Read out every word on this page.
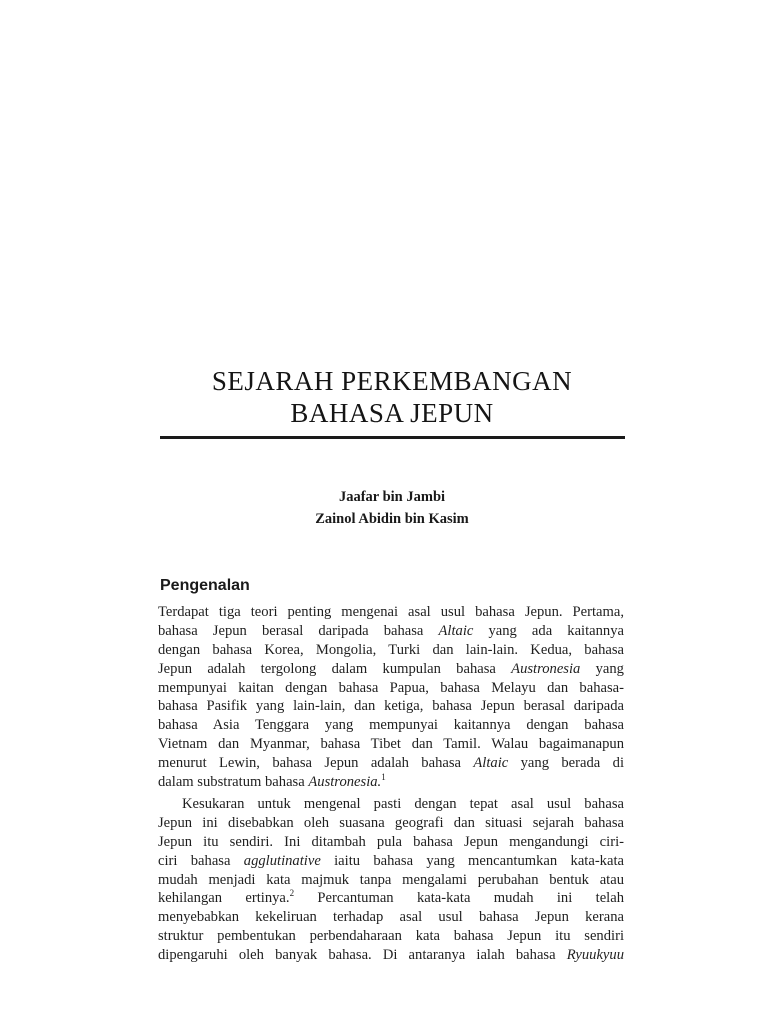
SEJARAH PERKEMBANGAN
BAHASA JEPUN
Jaafar bin Jambi
Zainol Abidin bin Kasim
Pengenalan
Terdapat tiga teori penting mengenai asal usul bahasa Jepun. Pertama,
bahasa Jepun berasal daripada bahasa Altaic yang ada kaitannya
dengan bahasa Korea, Mongolia, Turki dan lain-lain. Kedua, bahasa
Jepun adalah tergolong dalam kumpulan bahasa Austronesia yang
mempunyai kaitan dengan bahasa Papua, bahasa Melayu dan bahasa-
bahasa Pasifik yang lain-lain, dan ketiga, bahasa Jepun berasal daripada
bahasa Asia Tenggara yang mempunyai kaitannya dengan bahasa
Vietnam dan Myanmar, bahasa Tibet dan Tamil. Walau bagaimanapun
menurut Lewin, bahasa Jepun adalah bahasa Altaic yang berada di
dalam substratum bahasa Austronesia.$^1$
Kesukaran untuk mengenal pasti dengan tepat asal usul bahasa
Jepun ini disebabkan oleh suasana geografi dan situasi sejarah bahasa
Jepun itu sendiri. Ini ditambah pula bahasa Jepun mengandungi ciri-
ciri bahasa agglutinative iaitu bahasa yang mencantumkan kata-kata
mudah menjadi kata majmuk tanpa mengalami perubahan bentuk atau
kehilangan ertinya.$^2$ Percantuman kata-kata mudah ini telah
menyebabkan kekeliruan terhadap asal usul bahasa Jepun kerana
struktur pembentukan perbendaharaan kata bahasa Jepun itu sendiri
dipengaruhi oleh banyak bahasa. Di antaranya ialah bahasa Ryuukyuu
